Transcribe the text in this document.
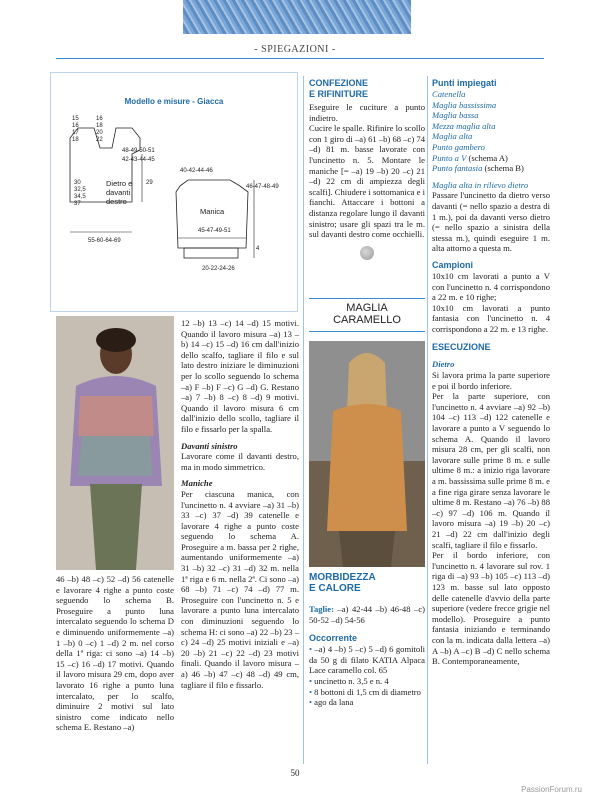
- SPIEGAZIONI -
Modello e misure - Giacca
15
16
17
18
16
18
20
22
48-49-50-51
42-43-44-45
29
30
32,5
34,5
37
55-60-64-69
40-42-44-46
46-47-48-49
45-47-49-51
4
20-22-24-26
Dietro e
davanti
destro
Manica
46 –b) 48 –c) 52 –d) 56 catenelle e lavorare 4 righe a punto coste seguendo lo schema B. Proseguire a punto luna intercalato seguendo lo schema D e diminuendo uniformemente –a) 1 –b) 0 –c) 1 –d) 2 m. nel corso della 1ª riga: ci sono –a) 14 –b) 15 –c) 16 –d) 17 motivi. Quando il lavoro misura 29 cm, dopo aver lavorato 16 righe a punto luna intercalato, per lo scalfo, diminuire 2 motivi sul lato sinistro come indicato nello schema E. Restano –a)
12 –b) 13 –c) 14 –d) 15 motivi. Quando il lavoro misura –a) 13 –b) 14 –c) 15 –d) 16 cm dall'inizio dello scalfo, tagliare il filo e sul lato destro iniziare le diminuzioni per lo scollo seguendo lo schema –a) F –b) F –c) G –d) G. Restano –a) 7 –b) 8 –c) 8 –d) 9 motivi. Quando il lavoro misura 6 cm dall'inizio dello scollo, tagliare il filo e fissarlo per la spalla.
Davanti sinistro
Lavorare come il davanti destro, ma in modo simmetrico.
Maniche
Per ciascuna manica, con l'uncinetto n. 4 avviare –a) 31 –b) 33 –c) 37 –d) 39 catenelle e lavorare 4 righe a punto coste seguendo lo schema A. Proseguire a m. bassa per 2 righe, aumentando uniformemente –a) 31 –b) 32 –c) 31 –d) 32 m. nella 1ª riga e 6 m. nella 2ª. Ci sono –a) 68 –b) 71 –c) 74 –d) 77 m. Proseguire con l'uncinetto n. 5 e lavorare a punto luna intercalato con diminuzioni seguendo lo schema H: ci sono –a) 22 –b) 23 –c) 24 –d) 25 motivi iniziali e –a) 20 –b) 21 –c) 22 –d) 23 motivi finali. Quando il lavoro misura –a) 46 –b) 47 –c) 48 –d) 49 cm, tagliare il filo e fissarlo.
CONFEZIONE
E RIFINITURE
Eseguire le cuciture a punto indietro.
Cucire le spalle. Rifinire lo scollo con 1 giro di –a) 61 –b) 68 –c) 74 –d) 81 m. basse lavorate con l'uncinetto n. 5. Montare le maniche [= –a) 19 –b) 20 –c) 21 –d) 22 cm di ampiezza degli scalfi]. Chiudere i sottomanica e i fianchi. Attaccare i bottoni a distanza regolare lungo il davanti sinistro; usare gli spazi tra le m. sul davanti destro come occhielli.
MAGLIA
CARAMELLO
MORBIDEZZA
E CALORE
Taglie: –a) 42-44 –b) 46-48 –c) 50-52 –d) 54-56
Occorrente
• –a) 4 –b) 5 –c) 5 –d) 6 gomitoli da 50 g di filato KATIA Alpaca Lace caramello col. 65
• uncinetto n. 3,5 e n. 4
• 8 bottoni di 1,5 cm di diametro
• ago da lana
Punti impiegati
Catenella
Maglia bassissima
Maglia bassa
Mezza maglia alta
Maglia alta
Punto gambero
Punto a V (schema A)
Punto fantasia (schema B)
Maglia alta in rilievo dietro
Passare l'uncinetto da dietro verso davanti (= nello spazio a destra di 1 m.), poi da davanti verso dietro (= nello spazio a sinistra della stessa m.), quindi eseguire 1 m. alta attorno a questa m.
Campioni
10x10 cm lavorati a punto a V con l'uncinetto n. 4 corrispondono a 22 m. e 10 righe;
10x10 cm lavorati a punto fantasia con l'uncinetto n. 4 corrispondono a 22 m. e 13 righe.
ESECUZIONE
Dietro
Si lavora prima la parte superiore e poi il bordo inferiore.
Per la parte superiore, con l'uncinetto n. 4 avviare –a) 92 –b) 104 –c) 113 –d) 122 catenelle e lavorare a punto a V seguendo lo schema A. Quando il lavoro misura 28 cm, per gli scalfi, non lavorare sulle prime 8 m. e sulle ultime 8 m.: a inizio riga lavorare a m. bassissima sulle prime 8 m. e a fine riga girare senza lavorare le ultime 8 m. Restano –a) 76 –b) 88 –c) 97 –d) 106 m. Quando il lavoro misura –a) 19 –b) 20 –c) 21 –d) 22 cm dall'inizio degli scalfi, tagliare il filo e fissarlo.
Per il bordo inferiore, con l'uncinetto n. 4 lavorare sul rov. 1 riga di –a) 93 –b) 105 –c) 113 –d) 123 m. basse sul lato opposto delle catenelle d'avvio della parte superiore (vedere frecce grigie nel modello). Proseguire a punto fantasia iniziando e terminando con la m. indicata dalla lettera –a) A –b) A –c) B –d) C nello schema B. Contemporaneamente,
50
PassionForum.ru
